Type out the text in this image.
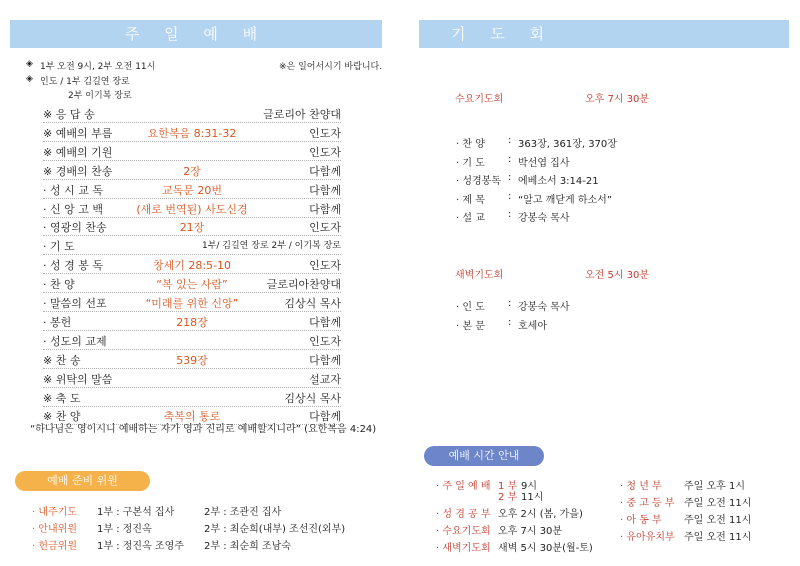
주 일 예 배
◈ 1부 오전 9시, 2부 오전 11시	※은 일어서시기 바랍니다.
◈ 인도 / 1부 김길연 장로
2부 이기복 장로
※ 응 답 송	글로리아 찬양대
※ 예배의 부름	요한복음 8:31-32	인도자
※ 예배의 기원	인도자
※ 경배의 찬송	2장	다함께
· 성 시 교 독	교독문 20번	다함께
· 신 앙 고 백	(새로 번역된) 사도신경	다함께
· 영광의 찬송	21장	인도자
· 기 도	1부/ 김길연 장로 2부 / 이기복 장로
· 성 경 봉 독	창세기 28:5-10	인도자
· 찬 양	“복 있는 사람”	글로리아찬양대
· 말씀의 선포	“미래를 위한 신앙”	김상식 목사
· 봉헌	218장	다함께
· 성도의 교제	인도자
※ 찬 송	539장	다함께
※ 위탁의 말씀	설교자
※ 축 도	김상식 목사
※ 찬 양	축복의 통로	다함께
“하나님은 영이시니 예배하는 자가 영과 진리로 예배할지니라” (요한복음 4:24)
예배 준비 위원
· 내주기도 1부 : 구본석 집사	2부 : 조관진 집사
· 안내위원 1부 : 정진옥	2부 : 최순희(내부) 조선진(외부)
· 헌금위원 1부 : 정진옥 조영주 2부 : 최순희 조남숙
기 도 회
수요기도회	오후 7시 30분
· 찬 양 : 363장, 361장, 370장
· 기 도 : 박선엽 집사
· 성경봉독 : 에베소서 3:14-21
· 제 목 : “알고 깨닫게 하소서”
· 설 교 : 강봉숙 목사
새벽기도회	오전 5시 30분
· 인 도 : 강봉숙 목사
· 본 문 : 호세아
예배 시간 안내
· 주 일 예 배 1 부 9시
2 부 11시
· 성 경 공 부 오후 2시 (봄, 가을)
· 수요기도회 오후 7시 30분
· 새벽기도회 새벽 5시 30분(월-토)
· 청 년 부 주일 오후 1시
· 중 고 등 부 주일 오전 11시
· 아 동 부 주일 오전 11시
· 유아유치부 주일 오전 11시
